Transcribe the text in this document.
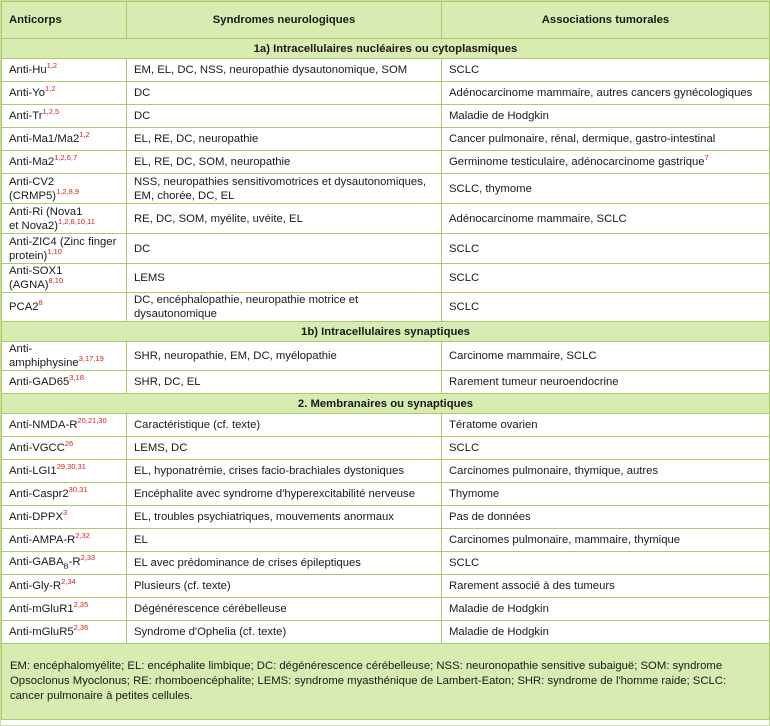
Anticorps	Syndromes neurologiques	Associations tumorales
1a) Intracellulaires nucléaires ou cytoplasmiques		
Anti-Hu$^{1,2}$	EM, EL, DC, NSS, neuropathie dysautonomique, SOM	SCLC
Anti-Yo$^{1,2}$	DC	Adénocarcinome mammaire, autres cancers gynécologiques
Anti-Tr$^{1,2,5}$	DC	Maladie de Hodgkin
Anti-Ma1/Ma2$^{1,2}$	EL, RE, DC, neuropathie	Cancer pulmonaire, rénal, dermique, gastro-intestinal
Anti-Ma2$^{1,2,6,7}$	EL, RE, DC, SOM, neuropathie	Germinome testiculaire, adénocarcinome gastrique$^7$
Anti-CV2 (CRMP5)$^{1,2,8,9}$	NSS, neuropathies sensitivomotrices et dysautonomiques, EM, chorée, DC, EL	SCLC, thymome
Anti-Ri (Nova1
et Nova2)$^{1,2,8,10,11}$	RE, DC, SOM, myélite, uvéite, EL	Adénocarcinome mammaire, SCLC
Anti-ZIC4 (Zinc finger
protein)$^{1,10}$	DC	SCLC
Anti-SOX1 (AGNA)$^{8,10}$	LEMS	SCLC
$PCA2^8$	DC, encéphalopathie, neuropathie motrice et dysautonomique	SCLC
1b) Intracellulaires synaptiques		
Anti-amphiphysine$^{3,17,19}$	SHR, neuropathie, EM, DC, myélopathie	Carcinome mammaire, SCLC
Anti-GAD65$^{3,18}$	SHR, DC, EL	Rarement tumeur neuroendocrine
2. Membranaires ou synaptiques		
Anti-$NMDA-R^{20,21,30}$	Caractéristique (cf. texte)	Tératome ovarien
Anti-VGCC$^{26}$	LEMS, DC	SCLC
Anti-LGI1$^{29,30,31}$	EL, hyponatrémie, crises facio-brachiales dystoniques	Carcinomes pulmonaire, thymique, autres
Anti-Caspr2$^{30,31}$	Encéphalite avec syndrome d'hyperexcitabilité nerveuse	Thymome
Anti-DPPX$^3$	EL, troubles psychiatriques, mouvements anormaux	Pas de données
Anti-$AMPA-R^{2,32}$	EL	Carcinomes pulmonaire, mammaire, thymique
Anti-$GABA_B-R^{2,33}$	EL avec prédominance de crises épileptiques	SCLC
Anti-$Gly-R^{2,34}$	Plusieurs (cf. texte)	Rarement associé à des tumeurs
Anti-mGluR1$^{2,35}$	Dégénérescence cérébelleuse	Maladie de Hodgkin
Anti-mGluR5$^{2,36}$	Syndrome d'Ophelia (cf. texte)	Maladie de Hodgkin
EM: encéphalomyélite; EL: encéphalite limbique; DC: dégénérescence cérébelleuse; NSS: neuronopathie sensitive subaiguë; SOM: syndrome Opsoclonus Myoclonus; RE: rhomboencéphalite; LEMS: syndrome myasthénique de Lambert-Eaton; SHR: syndrome de l'homme raide; SCLC: cancer pulmonaire à petites cellules.		
